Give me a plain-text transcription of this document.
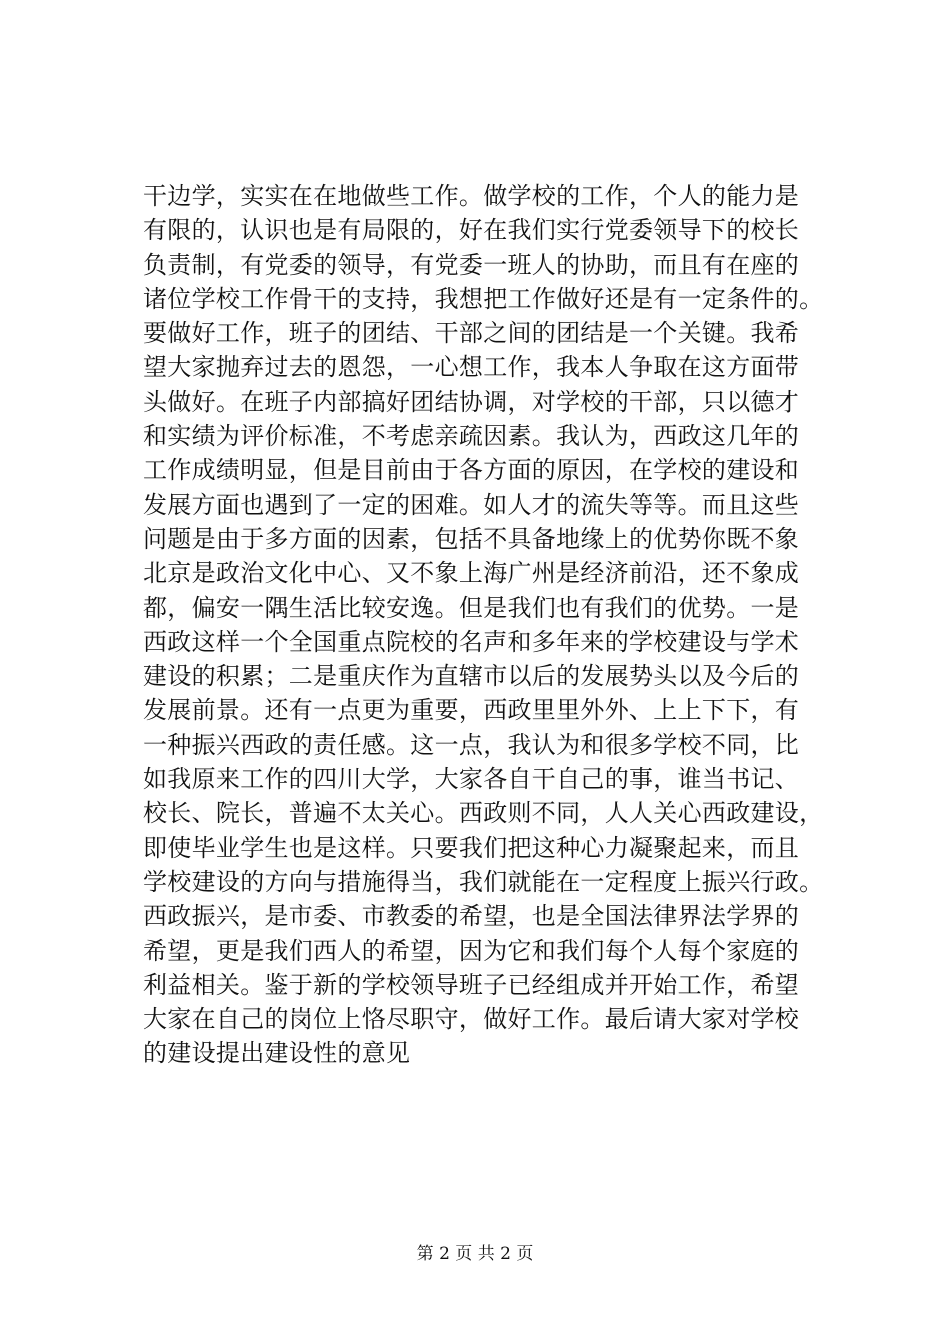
干边学，实实在在地做些工作。做学校的工作，个人的能力是
有限的，认识也是有局限的，好在我们实行党委领导下的校长
负责制，有党委的领导，有党委一班人的协助，而且有在座的
诸位学校工作骨干的支持，我想把工作做好还是有一定条件的。
要做好工作，班子的团结、干部之间的团结是一个关键。我希
望大家抛弃过去的恩怨，一心想工作，我本人争取在这方面带
头做好。在班子内部搞好团结协调，对学校的干部，只以德才
和实绩为评价标准，不考虑亲疏因素。我认为，西政这几年的
工作成绩明显，但是目前由于各方面的原因，在学校的建设和
发展方面也遇到了一定的困难。如人才的流失等等。而且这些
问题是由于多方面的因素，包括不具备地缘上的优势你既不象
北京是政治文化中心、又不象上海广州是经济前沿，还不象成
都，偏安一隅生活比较安逸。但是我们也有我们的优势。一是
西政这样一个全国重点院校的名声和多年来的学校建设与学术
建设的积累；二是重庆作为直辖市以后的发展势头以及今后的
发展前景。还有一点更为重要，西政里里外外、上上下下，有
一种振兴西政的责任感。这一点，我认为和很多学校不同，比
如我原来工作的四川大学，大家各自干自己的事，谁当书记、
校长、院长，普遍不太关心。西政则不同，人人关心西政建设，
即使毕业学生也是这样。只要我们把这种心力凝聚起来，而且
学校建设的方向与措施得当，我们就能在一定程度上振兴行政。
西政振兴，是市委、市教委的希望，也是全国法律界法学界的
希望，更是我们西人的希望，因为它和我们每个人每个家庭的
利益相关。鉴于新的学校领导班子已经组成并开始工作，希望
大家在自己的岗位上恪尽职守，做好工作。最后请大家对学校
的建设提出建设性的意见
第 2 页 共 2 页
